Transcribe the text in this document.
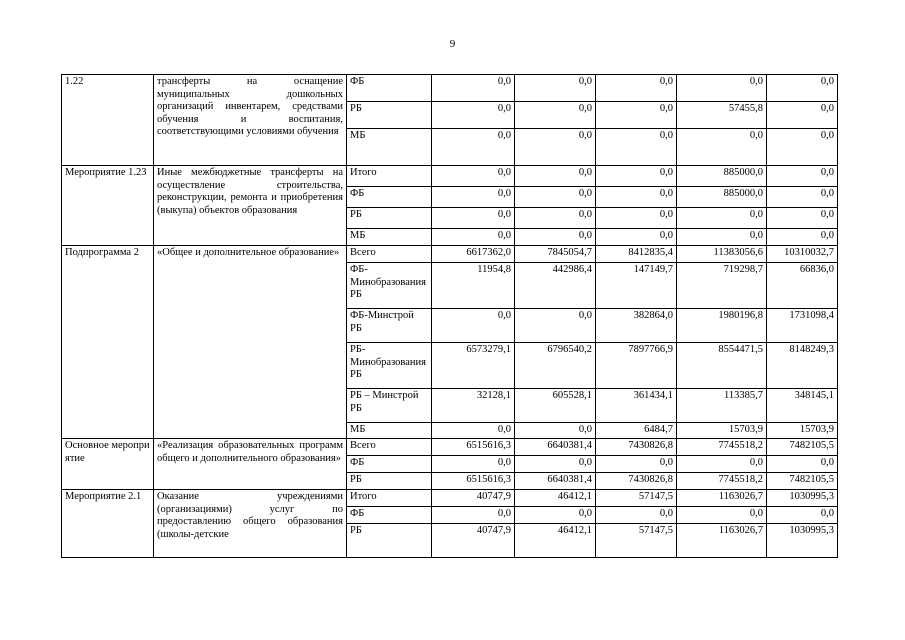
9
1.22	трансферты на оснащение муниципальных дошкольных организаций инвентарем, средствами обучения и воспитания, соответствующими условиями обучения	ФБ	0,0	0,0	0,0	0,0	0,0
		РБ	0,0	0,0	0,0	57455,8	0,0
		МБ	0,0	0,0	0,0	0,0	0,0
Мероприятие 1.23	Иные межбюджетные трансферты на осуществление строительства, реконструкции, ремонта и приобретения (выкупа) объектов образования	Итого	0,0	0,0	0,0	885000,0	0,0
		ФБ	0,0	0,0	0,0	885000,0	0,0
		РБ	0,0	0,0	0,0	0,0	0,0
		МБ	0,0	0,0	0,0	0,0	0,0
Подпрограмма 2	«Общее и дополнительное образование»	Всего	6617362,0	7845054,7	8412835,4	11383056,6	10310032,7
		ФБ-Минобразования РБ	11954,8	442986,4	147149,7	719298,7	66836,0
		ФБ-Минстрой РБ	0,0	0,0	382864,0	1980196,8	1731098,4
		РБ-Минобразования РБ	6573279,1	6796540,2	7897766,9	8554471,5	8148249,3
		РБ – Минстрой РБ	32128,1	605528,1	361434,1	113385,7	348145,1
		МБ	0,0	0,0	6484,7	15703,9	15703,9
Основное мероприятие	«Реализация образовательных программ общего и дополнительного образования»	Всего	6515616,3	6640381,4	7430826,8	7745518,2	7482105,5
		ФБ	0,0	0,0	0,0	0,0	0,0
		РБ	6515616,3	6640381,4	7430826,8	7745518,2	7482105,5
Мероприятие 2.1	Оказание учреждениями (организациями) услуг по предоставлению общего образования (школы-детские	Итого	40747,9	46412,1	57147,5	1163026,7	1030995,3
		ФБ	0,0	0,0	0,0	0,0	0,0
		РБ	40747,9	46412,1	57147,5	1163026,7	1030995,3
